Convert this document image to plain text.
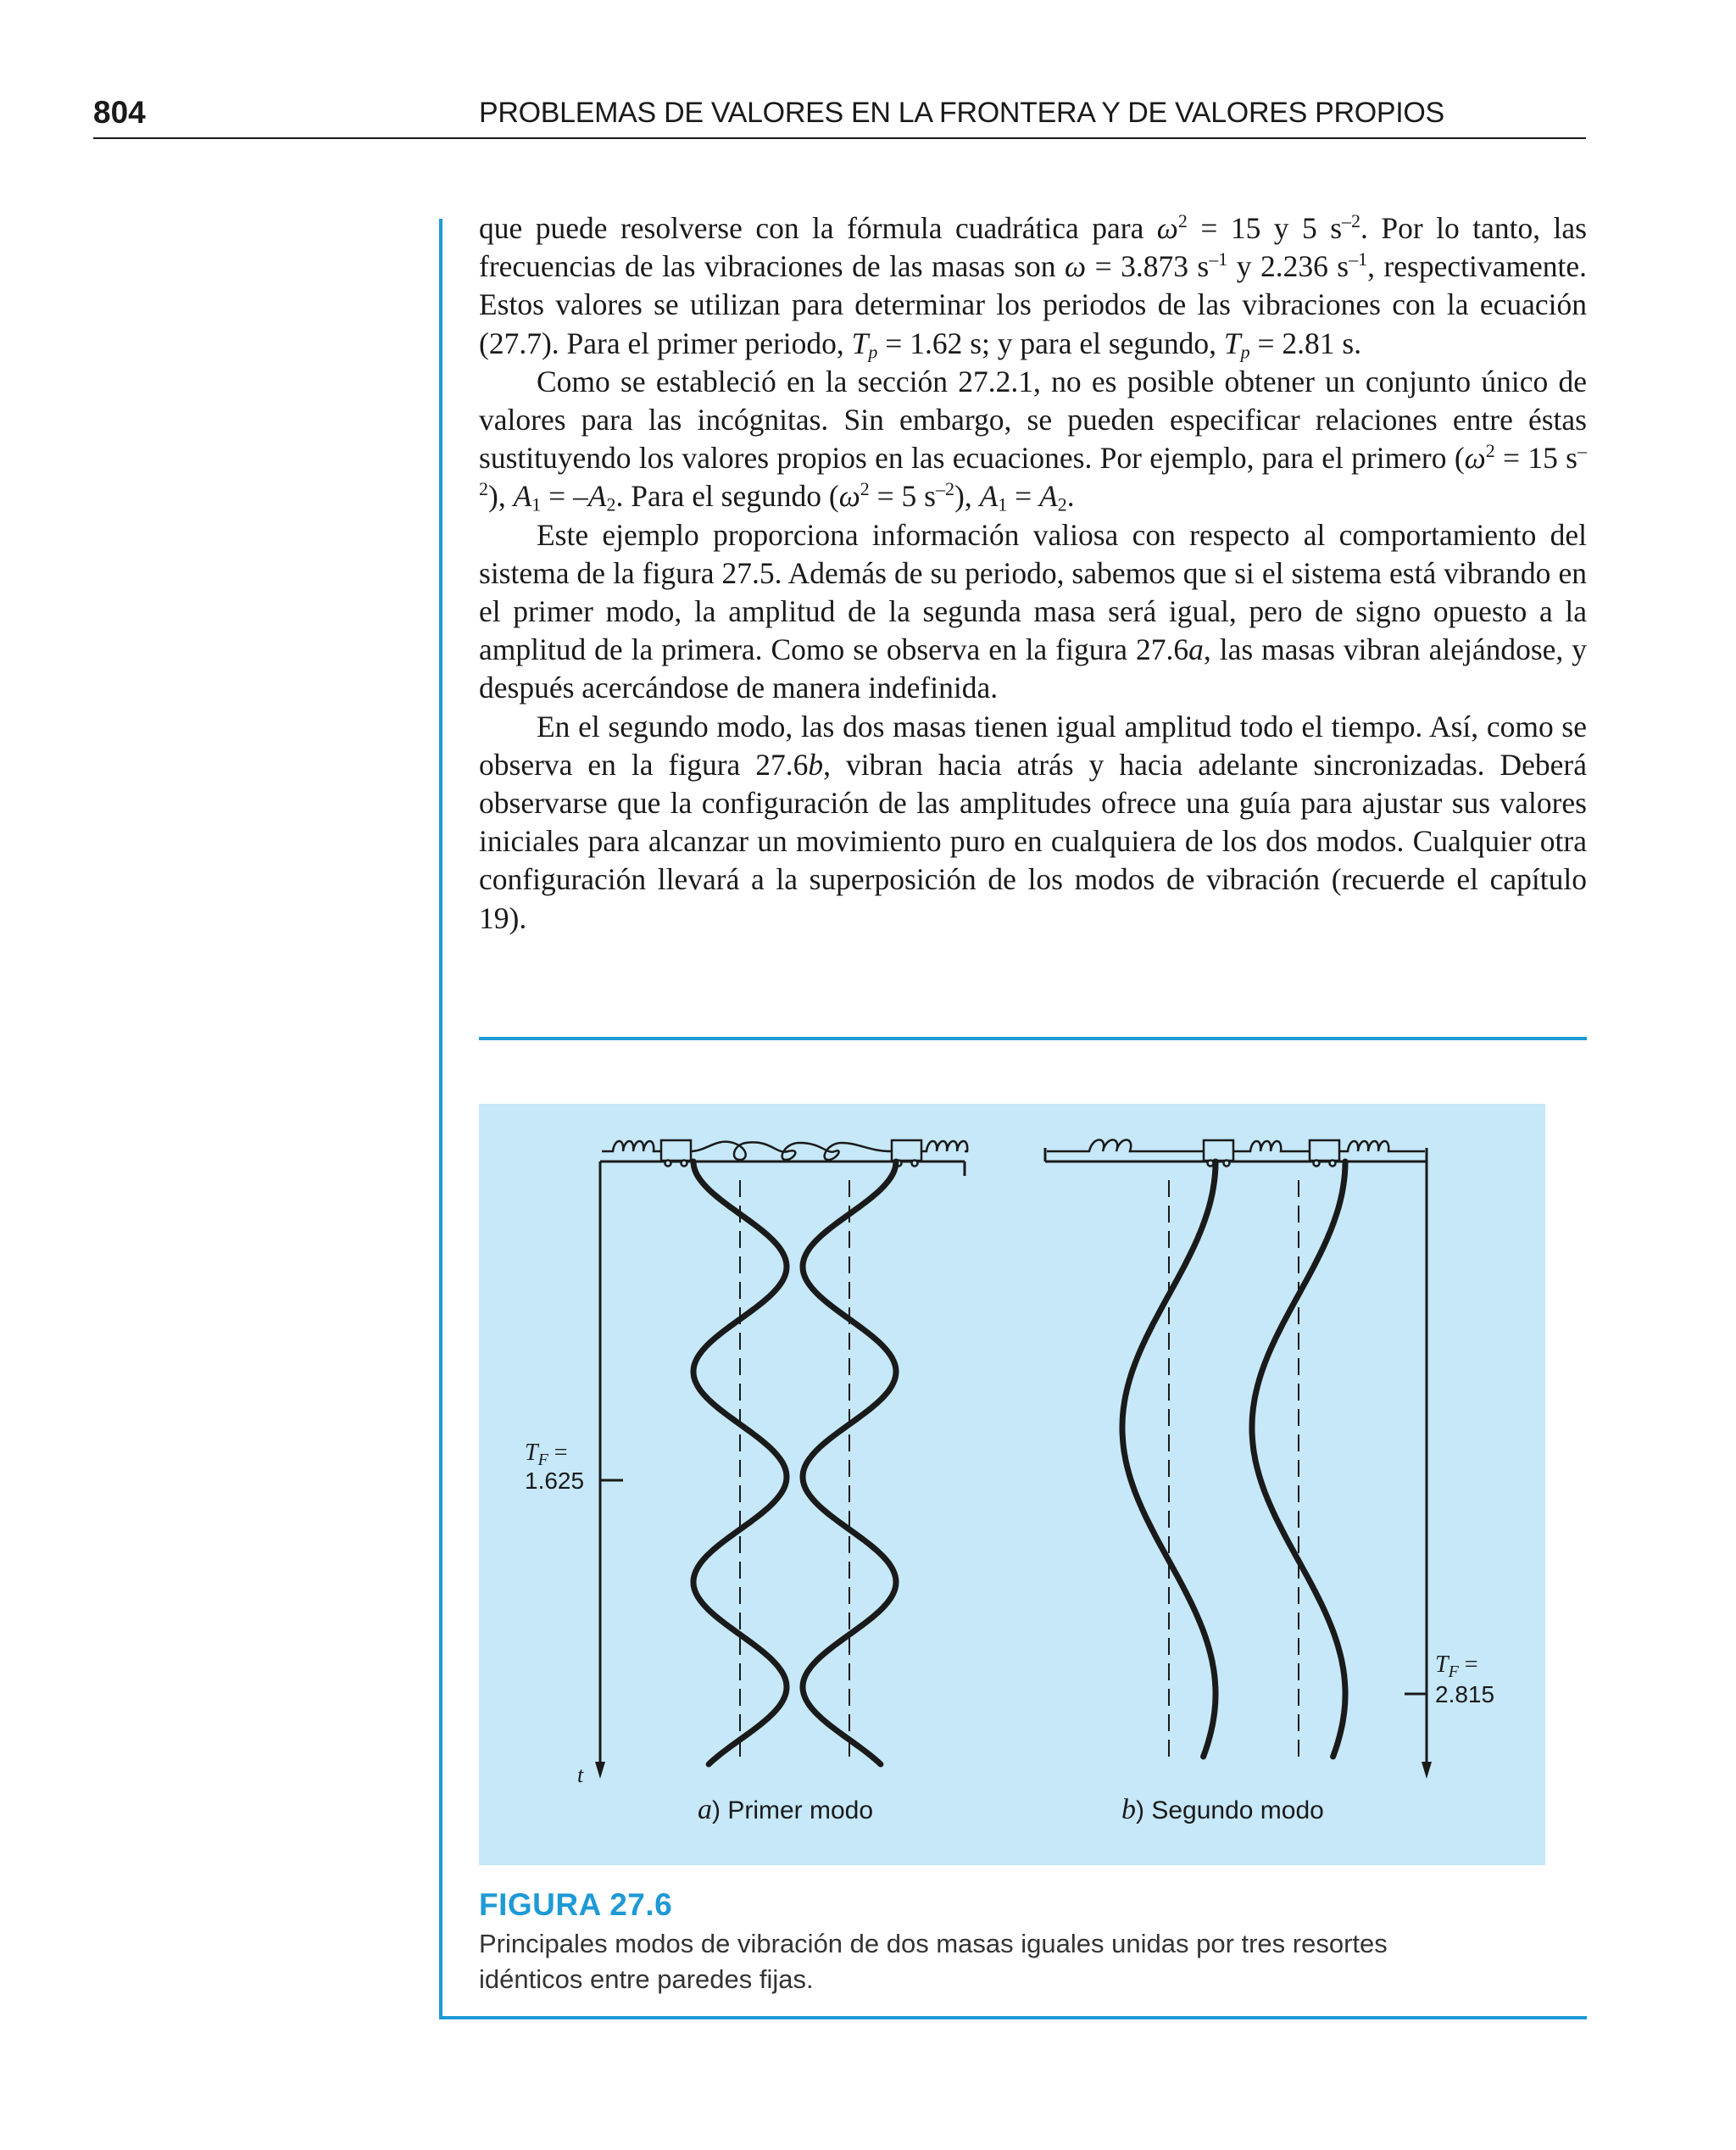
804	PROBLEMAS DE VALORES EN LA FRONTERA Y DE VALORES PROPIOS

que puede resolverse con la fórmula cuadrática para $\omega^2 = 15$ y 5 $s^{-2}$. Por lo tanto, las frecuencias de las vibraciones de las masas son ω = 3.873 $s^{-1}$ y 2.236 $s^{-1}$, respectivamente. Estos valores se utilizan para determinar los periodos de las vibraciones con la ecuación (27.7). Para el primer periodo, $T_p = 1.62$ s; y para el segundo, $T_p = 2.81$ s.

Como se estableció en la sección 27.2.1, no es posible obtener un conjunto único de valores para las incógnitas. Sin embargo, se pueden especificar relaciones entre éstas sustituyendo los valores propios en las ecuaciones. Por ejemplo, para el primero ($\omega^2 = 15$ $s^{-2}$), $A_1 = -A_2$. Para el segundo ($\omega^2 = 5$ $s^{-2}$), $A_1 = A_2$.

Este ejemplo proporciona información valiosa con respecto al comportamiento del sistema de la figura 27.5. Además de su periodo, sabemos que si el sistema está vibrando en el primer modo, la amplitud de la segunda masa será igual, pero de signo opuesto a la amplitud de la primera. Como se observa en la figura 27.6a, las masas vibran alejándose, y después acercándose de manera indefinida.

En el segundo modo, las dos masas tienen igual amplitud todo el tiempo. Así, como se observa en la figura 27.6b, vibran hacia atrás y hacia adelante sincronizadas. Deberá observarse que la configuración de las amplitudes ofrece una guía para ajustar sus valores iniciales para alcanzar un movimiento puro en cualquiera de los dos modos. Cualquier otra configuración llevará a la superposición de los modos de vibración (recuerde el capítulo 19).

$T_F$ =
1.625
t
a) Primer modo
$T_F$ =
2.815
b) Segundo modo
FIGURA 27.6
Principales modos de vibración de dos masas iguales unidas por tres resortes idénticos entre paredes fijas.
